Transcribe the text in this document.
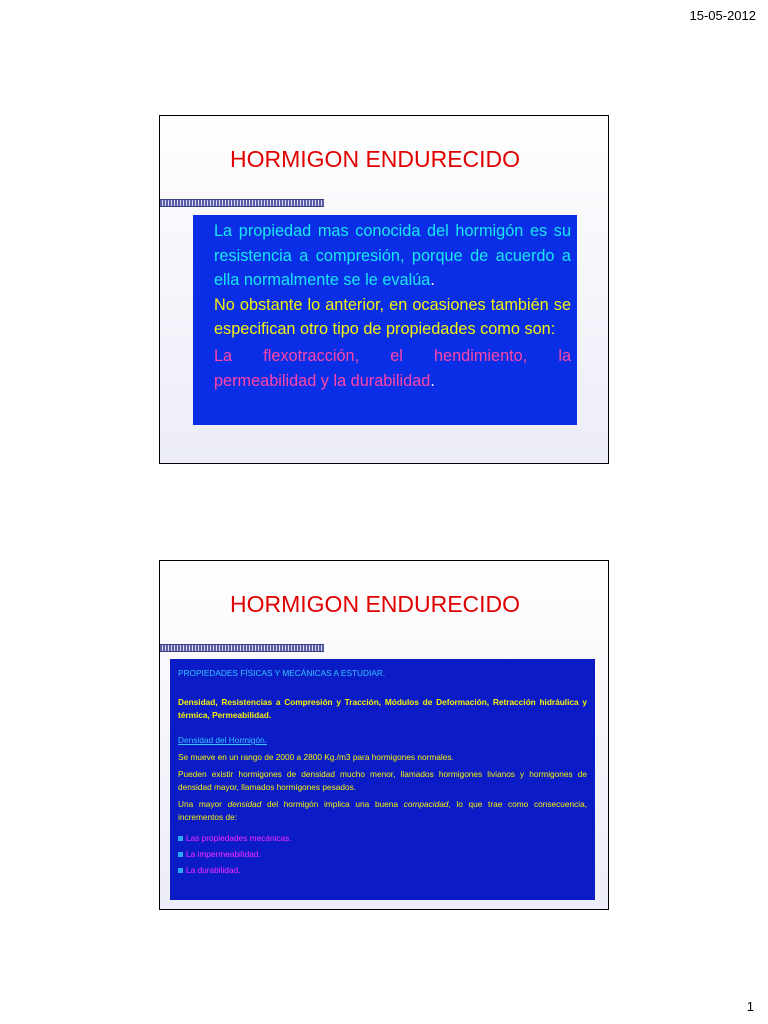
15-05-2012
HORMIGON ENDURECIDO

La propiedad mas conocida del hormigón es su resistencia a compresión, porque de acuerdo a ella normalmente se le evalúa.

No obstante lo anterior, en ocasiones también se especifican otro tipo de propiedades como son:

La flexotracción, el hendimiento, la permeabilidad y la durabilidad.

HORMIGON ENDURECIDO

PROPIEDADES FÍSICAS Y MECÁNICAS A ESTUDIAR.

Densidad, Resistencias a Compresión y Tracción, Módulos de Deformación, Retracción hidráulica y térmica, Permeabilidad.

Densidad del Hormigón.

Se mueve en un rango de 2000 a 2800 Kg./m3 para hormigones normales.

Pueden existir hormigones de densidad mucho menor, llamados hormigones livianos y hormigones de densidad mayor, llamados hormigones pesados.

Una mayor densidad del hormigón implica una buena compacidad, lo que trae como consecuencia, incrementos de:

Las propiedades mecánicas.
La impermeabilidad.
La durabilidad.
1
